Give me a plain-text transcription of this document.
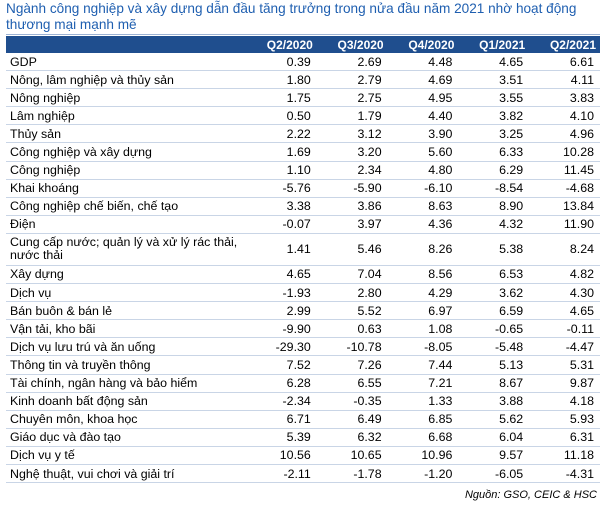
Ngành công nghiệp và xây dựng dẫn đầu tăng trưởng trong nửa đầu năm 2021 nhờ hoạt động thương mại mạnh mẽ
	Q2/2020	Q3/2020	Q4/2020	Q1/2021	Q2/2021
GDP	0.39	2.69	4.48	4.65	6.61
Nông, lâm nghiệp và thủy sản	1.80	2.79	4.69	3.51	4.11
Nông nghiệp	1.75	2.75	4.95	3.55	3.83
Lâm nghiệp	0.50	1.79	4.40	3.82	4.10
Thủy sản	2.22	3.12	3.90	3.25	4.96
Công nghiệp và xây dựng	1.69	3.20	5.60	6.33	10.28
Công nghiệp	1.10	2.34	4.80	6.29	11.45
Khai khoáng	-5.76	-5.90	-6.10	-8.54	-4.68
Công nghiệp chế biến, chế tạo	3.38	3.86	8.63	8.90	13.84
Điện	-0.07	3.97	4.36	4.32	11.90
Cung cấp nước; quản lý và xử lý rác thải, nước thải	1.41	5.46	8.26	5.38	8.24
Xây dựng	4.65	7.04	8.56	6.53	4.82
Dịch vụ	-1.93	2.80	4.29	3.62	4.30
Bán buôn & bán lẻ	2.99	5.52	6.97	6.59	4.65
Vận tải, kho bãi	-9.90	0.63	1.08	-0.65	-0.11
Dịch vụ lưu trú và ăn uống	-29.30	-10.78	-8.05	-5.48	-4.47
Thông tin và truyền thông	7.52	7.26	7.44	5.13	5.31
Tài chính, ngân hàng và bảo hiểm	6.28	6.55	7.21	8.67	9.87
Kinh doanh bất động sản	-2.34	-0.35	1.33	3.88	4.18
Chuyên môn, khoa học	6.71	6.49	6.85	5.62	5.93
Giáo dục và đào tạo	5.39	6.32	6.68	6.04	6.31
Dịch vụ y tế	10.56	10.65	10.96	9.57	11.18
Nghệ thuật, vui chơi và giải trí	-2.11	-1.78	-1.20	-6.05	-4.31
Nguồn: GSO, CEIC & HSC
